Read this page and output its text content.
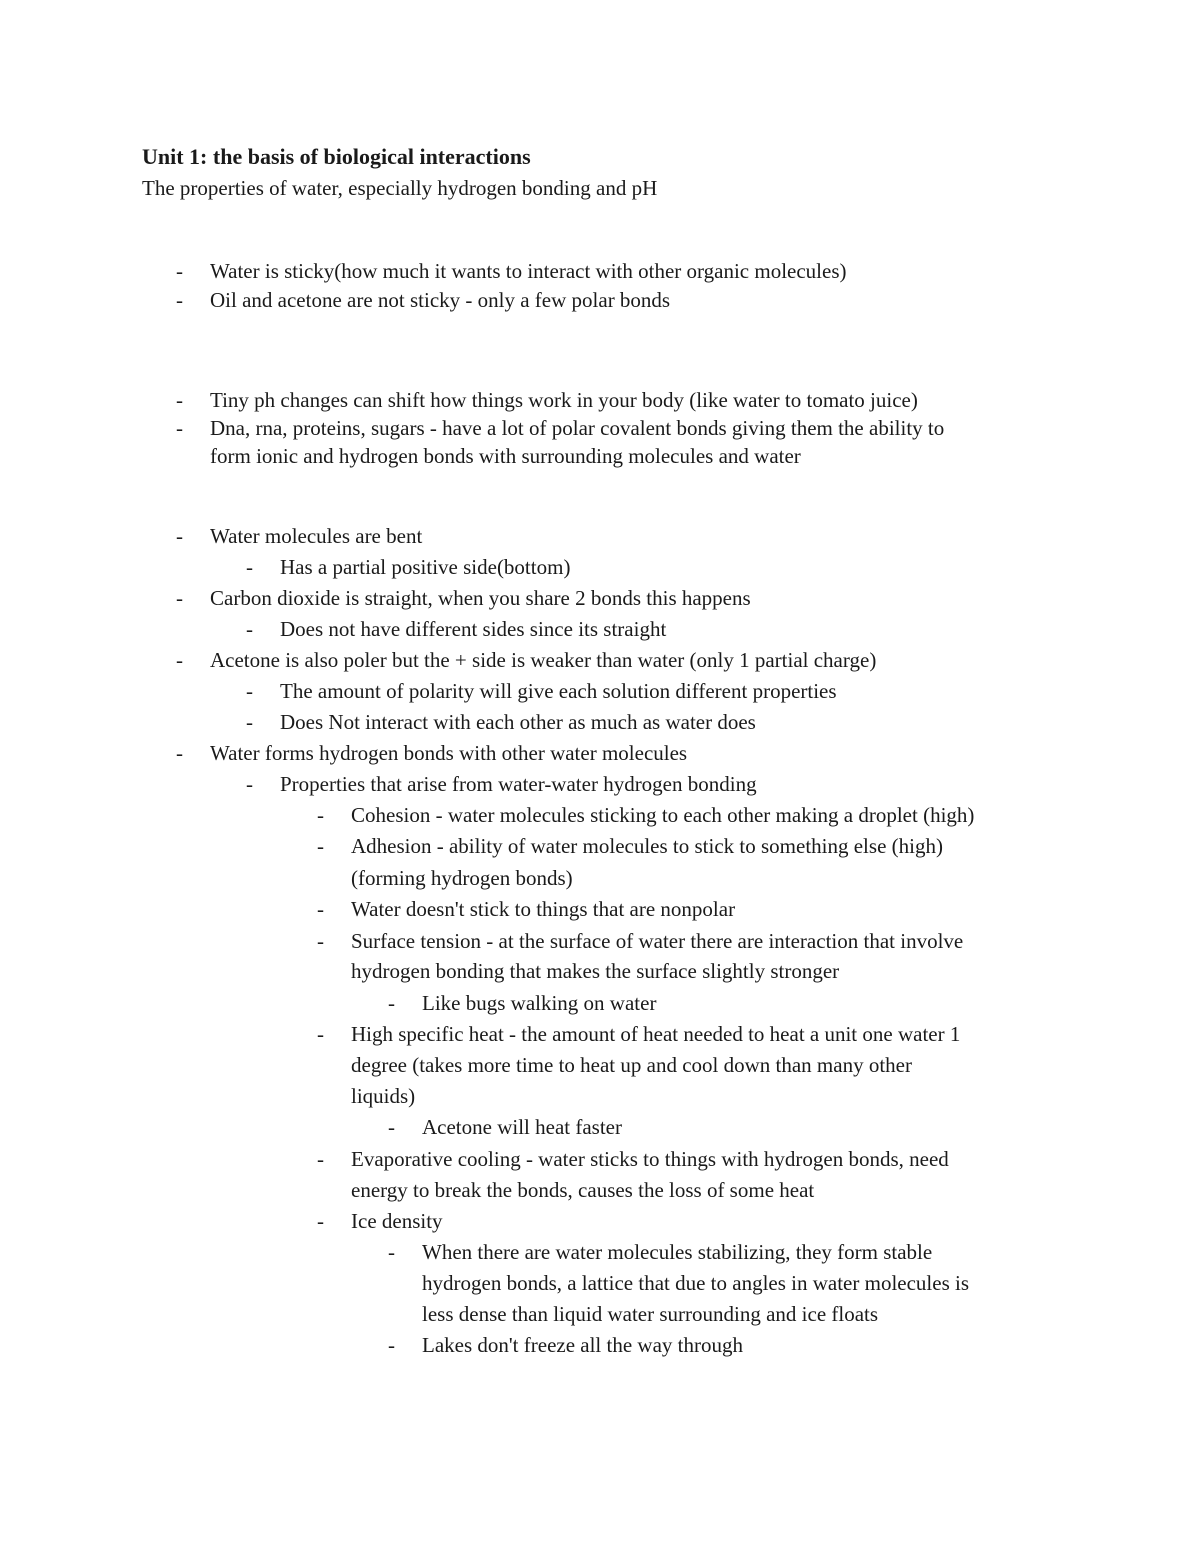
Unit 1: the basis of biological interactions
The properties of water, especially hydrogen bonding and pH
- Water is sticky(how much it wants to interact with other organic molecules)
- Oil and acetone are not sticky - only a few polar bonds
- Tiny ph changes can shift how things work in your body (like water to tomato juice)
- Dna, rna, proteins, sugars - have a lot of polar covalent bonds giving them the ability to
form ionic and hydrogen bonds with surrounding molecules and water
- Water molecules are bent
- Has a partial positive side(bottom)
- Carbon dioxide is straight, when you share 2 bonds this happens
- Does not have different sides since its straight
- Acetone is also poler but the + side is weaker than water (only 1 partial charge)
- The amount of polarity will give each solution different properties
- Does Not interact with each other as much as water does
- Water forms hydrogen bonds with other water molecules
- Properties that arise from water-water hydrogen bonding
- Cohesion - water molecules sticking to each other making a droplet (high)
- Adhesion - ability of water molecules to stick to something else (high)
(forming hydrogen bonds)
- Water doesn't stick to things that are nonpolar
- Surface tension - at the surface of water there are interaction that involve
hydrogen bonding that makes the surface slightly stronger
- Like bugs walking on water
- High specific heat - the amount of heat needed to heat a unit one water 1
degree (takes more time to heat up and cool down than many other
liquids)
- Acetone will heat faster
- Evaporative cooling - water sticks to things with hydrogen bonds, need
energy to break the bonds, causes the loss of some heat
- Ice density
- When there are water molecules stabilizing, they form stable
hydrogen bonds, a lattice that due to angles in water molecules is
less dense than liquid water surrounding and ice floats
- Lakes don't freeze all the way through
